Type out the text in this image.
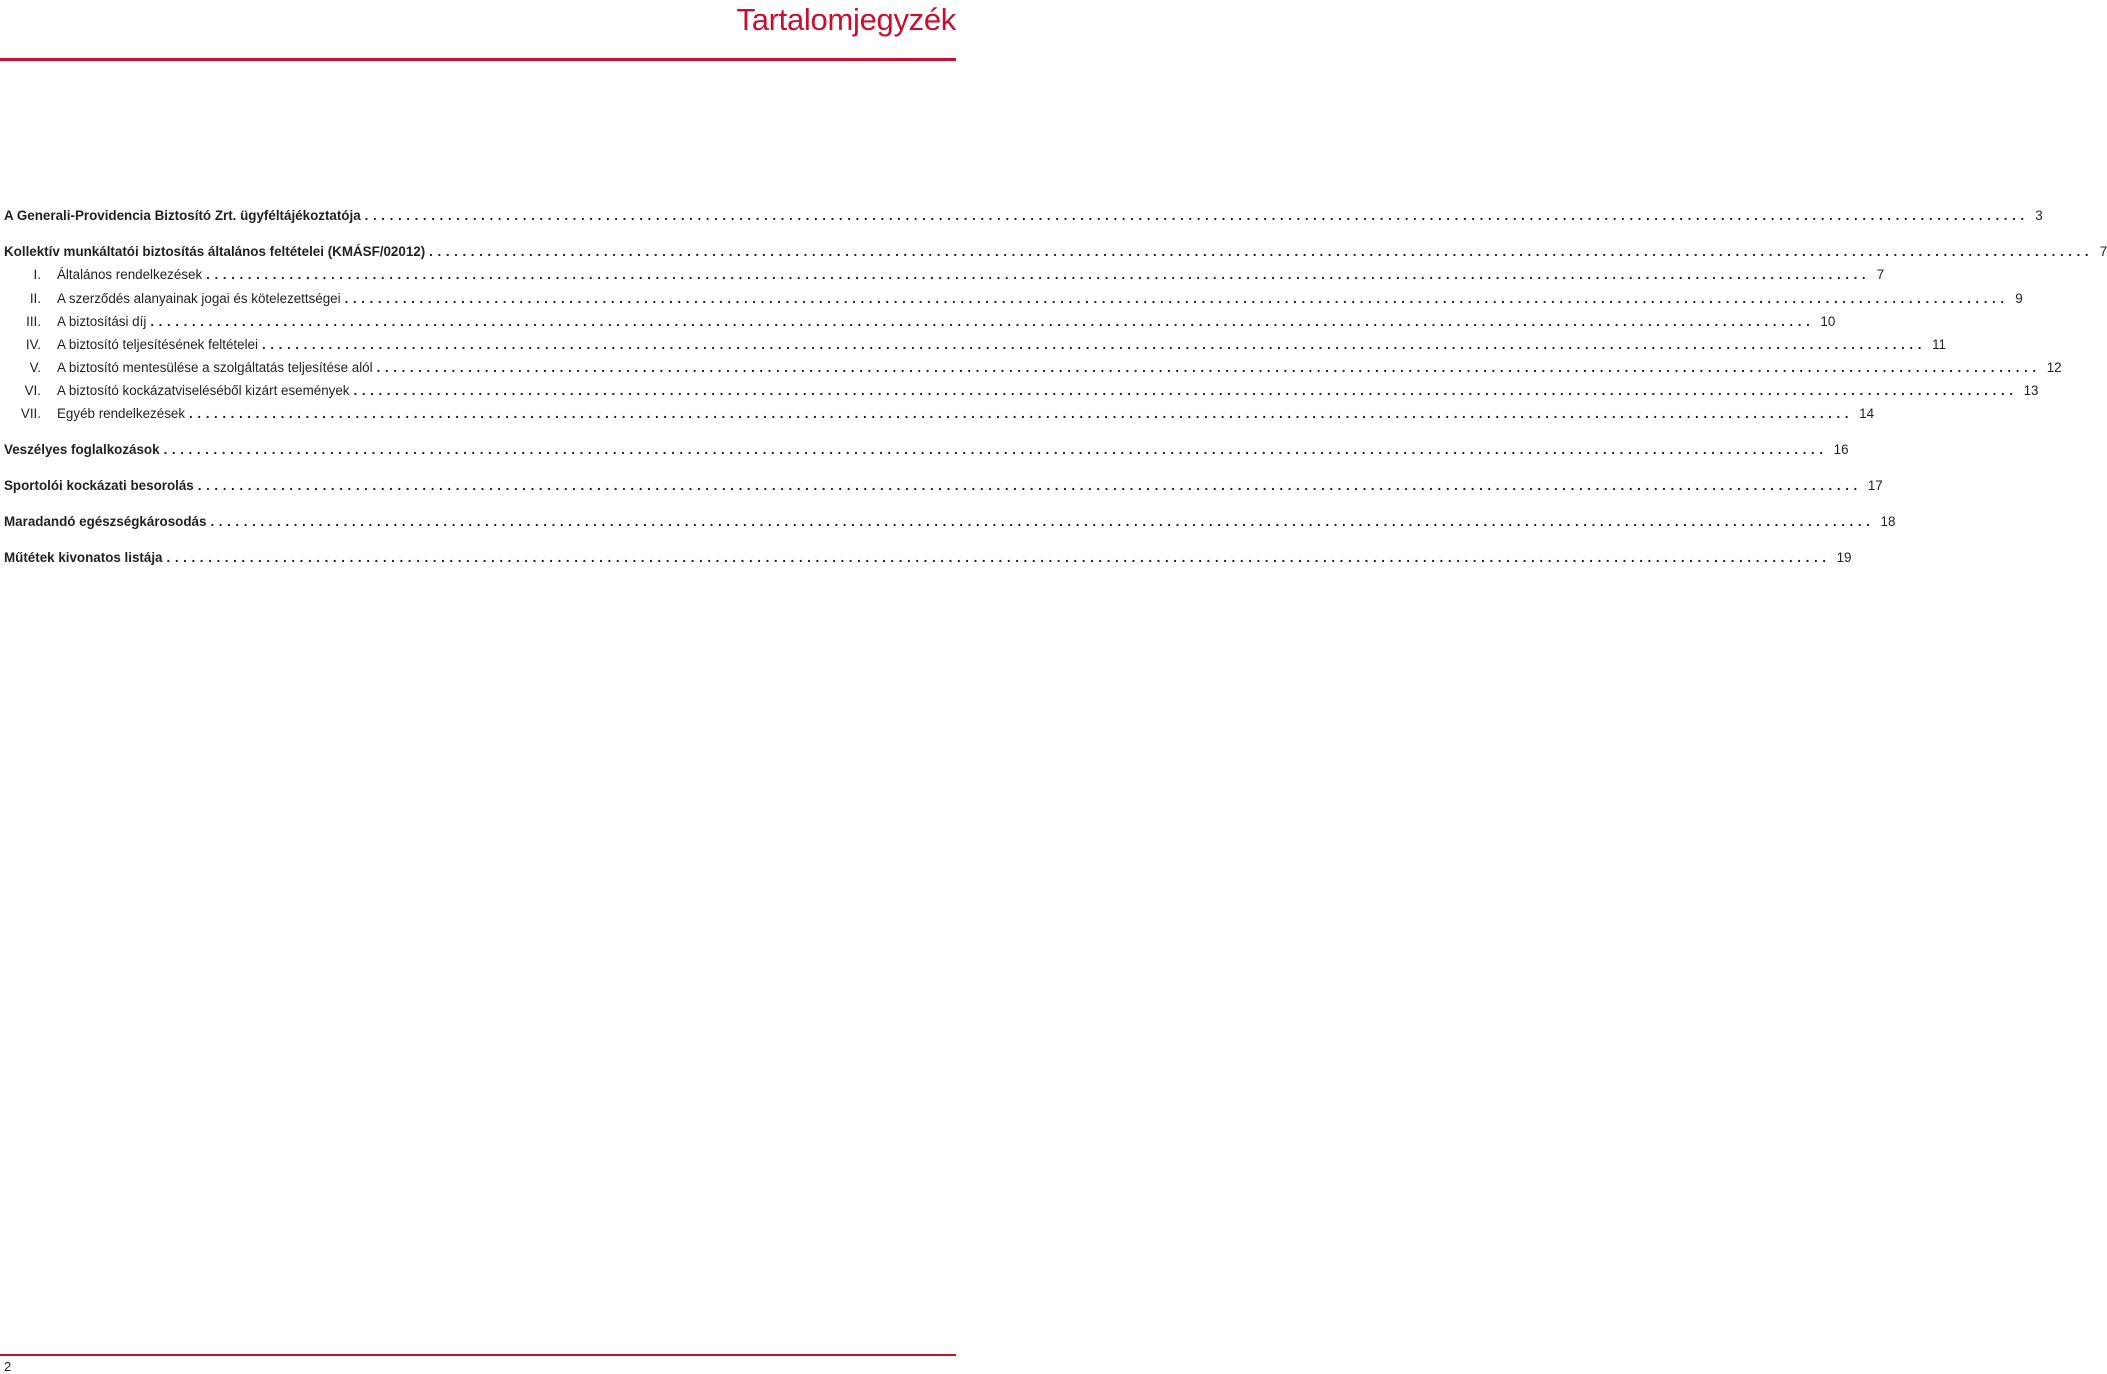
Tartalomjegyzék
A Generali-Providencia Biztosító Zrt. ügyféltájékoztatója ........................................................................................................................................................................................................ 3
Kollektív munkáltatói biztosítás általános feltételei (KMÁSF/02012) ........................................................................................................................................................................................................ 7
I.	Általános rendelkezések ........................................................................................................................................................................................................ 7
II.	A szerződés alanyainak jogai és kötelezettségei ........................................................................................................................................................................................................ 9
III.	A biztosítási díj ........................................................................................................................................................................................................ 10
IV.	A biztosító teljesítésének feltételei ........................................................................................................................................................................................................ 11
V.	A biztosító mentesülése a szolgáltatás teljesítése alól ........................................................................................................................................................................................................ 12
VI.	A biztosító kockázatviseléséből kizárt események ........................................................................................................................................................................................................ 13
VII.	Egyéb rendelkezések ........................................................................................................................................................................................................ 14
Veszélyes foglalkozások ........................................................................................................................................................................................................ 16
Sportolói kockázati besorolás ........................................................................................................................................................................................................ 17
Maradandó egészségkárosodás ........................................................................................................................................................................................................ 18
Műtétek kivonatos listája ........................................................................................................................................................................................................ 19
2
